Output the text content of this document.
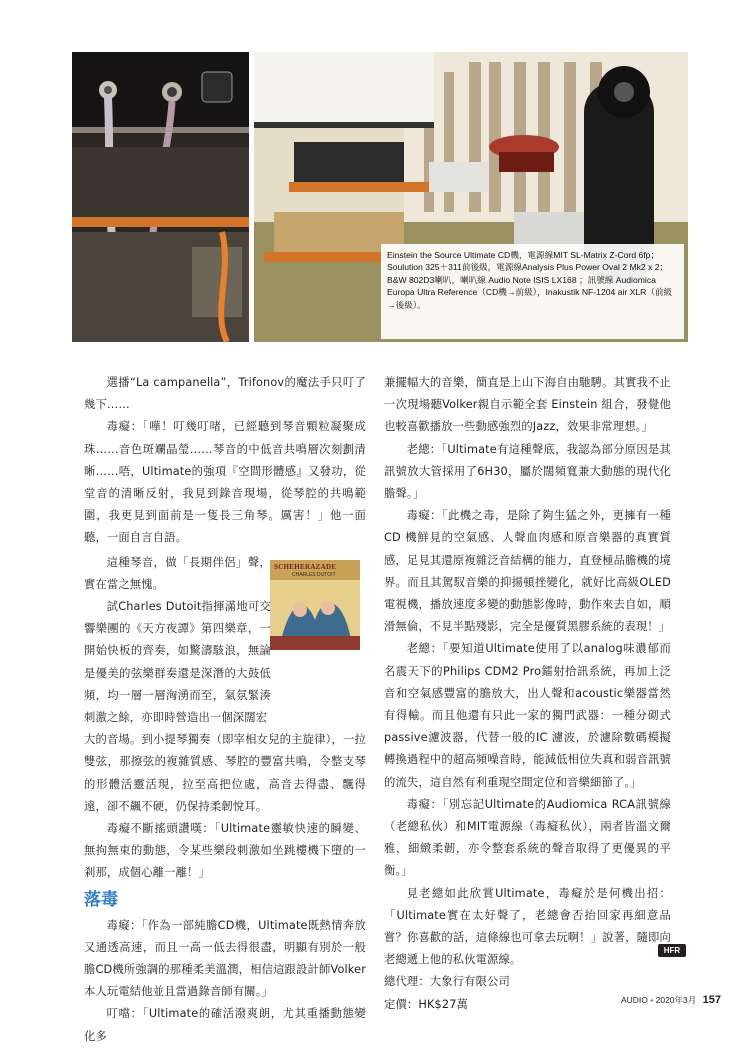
Einstein the Source Ultimate CD機，電源線MIT SL-Matrix Z-Cord 6fp；Soulution 325＋311前後級，電源線Analysis Plus Power Oval 2 Mk2 x 2；B&W 802D3喇叭，喇叭線 Audio Note ISIS LX168 ；訊號線 Audiomica Europa Ultra Reference（CD機→前級），Inakustik NF-1204 air XLR（前級→後級）。
SCHEHERAZADE
CHARLES DUTOIT

選播“La campanella”，Trifonov的魔法手只叮了幾下……

毒癡：「嘩！叮幾叮啫，已經聽到琴音顆粒凝聚成珠……音色斑斕晶瑩……琴音的中低音共鳴層次刻劃清晰……唔，Ultimate的強項『空間形體感』又發功，從堂音的清晰反射，我見到錄音現場，從琴腔的共鳴範圍，我更見到面前是一隻長三角琴。厲害！」他一面聽，一面自言自語。

這種琴音，做「長期伴侶」聲，實在當之無愧。

試Charles Dutoit指揮滿地可交響樂團的《天方夜譚》第四樂章，一開始快板的齊奏，如驚濤駭浪，無論是優美的弦樂群奏還是深潛的大鼓低頻，均一層一層洶湧而至，氣氛緊湊刺激之餘，亦即時營造出一個深闊宏

大的音場。到小提琴獨奏（即宰相女兒的主旋律），一拉雙弦，那擦弦的複雜質感、琴腔的豐富共鳴，令整支琴的形體活靈活現，拉至高把位處，高音去得盡、飄得遠，卻不飆不硬，仍保持柔韌悅耳。

毒癡不斷搖頭讚嘆：「Ultimate靈敏快速的瞬變、無拘無束的動態，令某些樂段刺激如坐跳樓機下墮的一剎那，成個心離一離！」

落毒

毒癡：「作為一部純膽CD機，Ultimate既熱情奔放又通透高速，而且一高一低去得很盡，明顯有別於一般膽CD機所強調的那種柔美溫潤，相信這跟設計師Volker本人玩電結他並且當過錄音師有關。」

叮噹：「Ultimate的確活潑爽朗，尤其重播動態變化多

兼擺幅大的音樂，簡直是上山下海自由馳騁。其實我不止一次現場聽Volker親自示範全套 Einstein 組合，發覺他也較喜歡播放一些動感強烈的Jazz，效果非常理想。」

老總：「Ultimate有這種聲底，我認為部分原因是其訊號放大管採用了6H30，屬於闊頻寬兼大動態的現代化膽聲。」

毒癡：「此機之毒，是除了夠生猛之外，更擁有一種CD 機鮮見的空氣感、人聲血肉感和原音樂器的真實質感，足見其還原複雜泛音結構的能力，直登極品膽機的境界。而且其駕馭音樂的抑揚頓挫變化，就好比高級OLED電視機，播放速度多變的動態影像時，動作來去自如，順滑無倫，不見半點殘影，完全是優質黑膠系統的表現！」

老總：「要知道Ultimate使用了以analog味濃郁而名震天下的Philips CDM2 Pro鐳射拾訊系統，再加上泛音和空氣感豐富的膽放大，出人聲和acoustic樂器當然有得輸。而且他還有只此一家的獨門武器：一種分砌式passive濾波器，代替一般的IC 濾波，於濾除數碼模擬轉換過程中的超高頻噪音時，能減低相位失真和弱音訊號的流失，這自然有利重現空間定位和音樂細節了。」

毒癡：「別忘記Ultimate的Audiomica RCA訊號線（老總私伙）和MIT電源線（毒癡私伙），兩者皆溫文爾雅，細緻柔韌，亦令整套系統的聲音取得了更優異的平衡。」

見老總如此欣賞Ultimate，毒癡於是何機出招：「Ultimate實在太好聲了，老總會否抬回家再細意品嘗？你喜歡的話，這條線也可拿去玩啊！」說著，隨即向老總遞上他的私伙電源線。

總代理：大象行有限公司

定價：HK$27萬

HFR
AUDIO • 2020年3月 157
